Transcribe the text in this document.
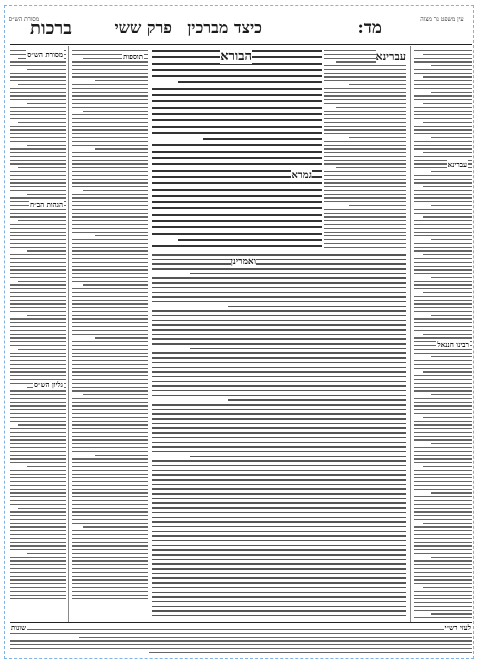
עין משפט נר מצוה
מד:
כיצד מברכין
פרק ששי
ברכות
מסורת הש״ס
עברינא
רבינו חננאל
עברינא
הבורא
גמרא
תוספות
מסורת הש״ס
הגהות הב״ח
גליון הש״ס
ואמרינן
לעזי רש״י
שונות
